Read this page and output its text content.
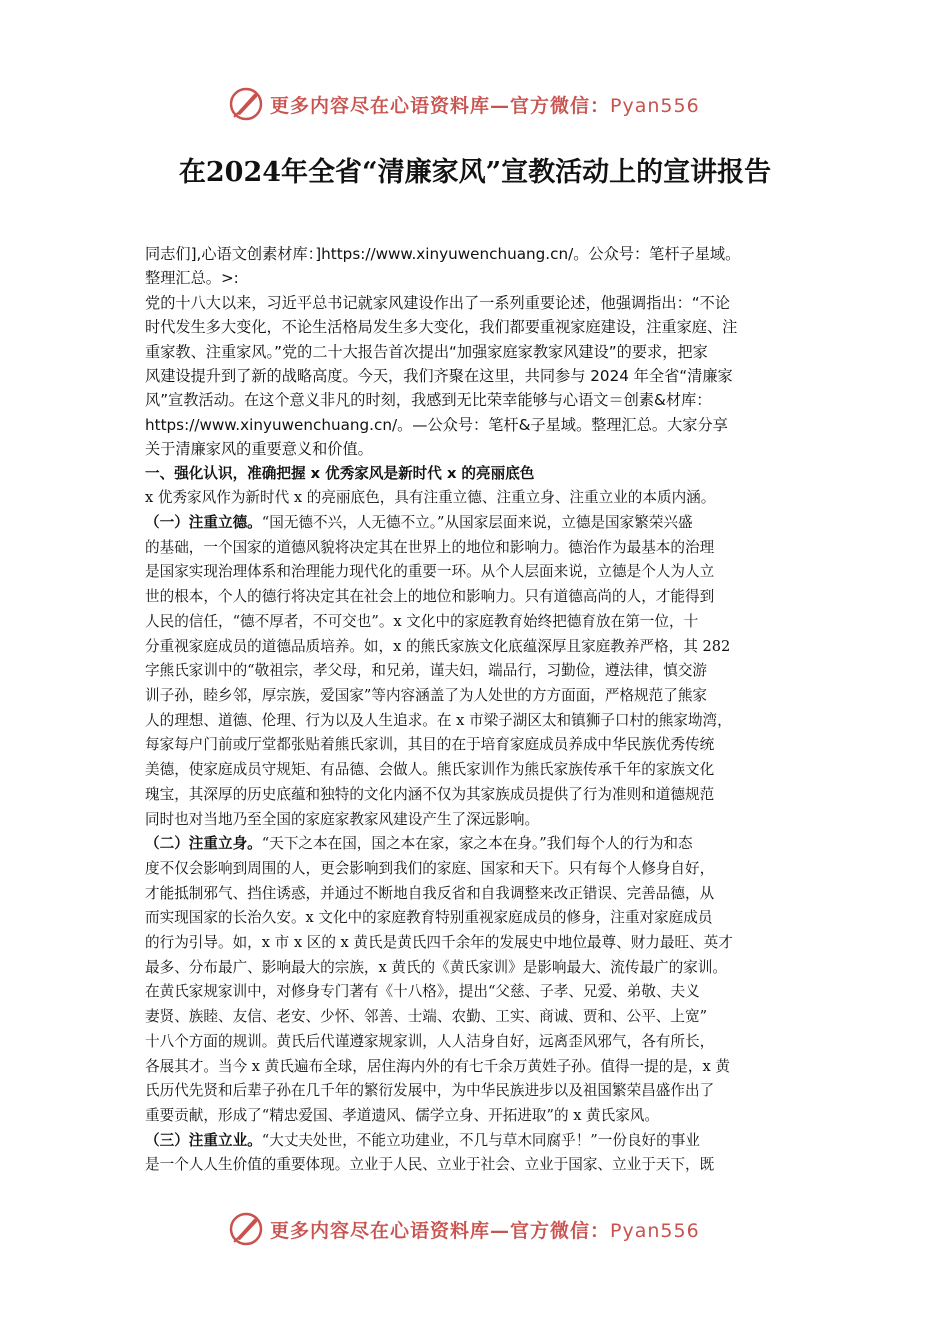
更多内容尽在心语资料库—官方微信：Pyan556
在2024年全省“清廉家风”宣教活动上的宣讲报告
同志们],心语文创素材库：]https://www.xinyuwenchuang.cn/。公众号：笔杆子星域。
整理汇总。>:
党的十八大以来，习近平总书记就家风建设作出了一系列重要论述，他强调指出：“不论
时代发生多大变化，不论生活格局发生多大变化，我们都要重视家庭建设，注重家庭、注
重家教、注重家风。”党的二十大报告首次提出“加强家庭家教家风建设”的要求，把家
风建设提升到了新的战略高度。今天，我们齐聚在这里，共同参与 2024 年全省“清廉家
风”宣教活动。在这个意义非凡的时刻，我感到无比荣幸能够与心语文＝创素&材库：
https://www.xinyuwenchuang.cn/。—公众号：笔杆&子星域。整理汇总。大家分享
关于清廉家风的重要意义和价值。
一、强化认识，准确把握 x 优秀家风是新时代 x 的亮丽底色
x 优秀家风作为新时代 x 的亮丽底色，具有注重立德、注重立身、注重立业的本质内涵。
（一）注重立德。“国无德不兴，人无德不立。”从国家层面来说，立德是国家繁荣兴盛
的基础，一个国家的道德风貌将决定其在世界上的地位和影响力。德治作为最基本的治理
是国家实现治理体系和治理能力现代化的重要一环。从个人层面来说，立德是个人为人立
世的根本，个人的德行将决定其在社会上的地位和影响力。只有道德高尚的人，才能得到
人民的信任，“德不厚者，不可交也”。x 文化中的家庭教育始终把德育放在第一位，十
分重视家庭成员的道德品质培养。如，x 的熊氏家族文化底蕴深厚且家庭教养严格，其 282
字熊氏家训中的“敬祖宗，孝父母，和兄弟，谨夫妇，端品行，习勤俭，遵法律，慎交游
训子孙，睦乡邻，厚宗族，爱国家”等内容涵盖了为人处世的方方面面，严格规范了熊家
人的理想、道德、伦理、行为以及人生追求。在 x 市梁子湖区太和镇狮子口村的熊家坳湾，
每家每户门前或厅堂都张贴着熊氏家训，其目的在于培育家庭成员养成中华民族优秀传统
美德，使家庭成员守规矩、有品德、会做人。熊氏家训作为熊氏家族传承千年的家族文化
瑰宝，其深厚的历史底蕴和独特的文化内涵不仅为其家族成员提供了行为准则和道德规范
同时也对当地乃至全国的家庭家教家风建设产生了深远影响。
（二）注重立身。“天下之本在国，国之本在家，家之本在身。”我们每个人的行为和态
度不仅会影响到周围的人，更会影响到我们的家庭、国家和天下。只有每个人修身自好，
才能抵制邪气、挡住诱惑，并通过不断地自我反省和自我调整来改正错误、完善品德，从
而实现国家的长治久安。x 文化中的家庭教育特别重视家庭成员的修身，注重对家庭成员
的行为引导。如，x 市 x 区的 x 黄氏是黄氏四千余年的发展史中地位最尊、财力最旺、英才
最多、分布最广、影响最大的宗族，x 黄氏的《黄氏家训》是影响最大、流传最广的家训。
在黄氏家规家训中，对修身专门著有《十八格》，提出“父慈、子孝、兄爱、弟敬、夫义
妻贤、族睦、友信、老安、少怀、邻善、士端、农勤、工实、商诚、贾和、公平、上宽”
十八个方面的规训。黄氏后代谨遵家规家训，人人洁身自好，远离歪风邪气，各有所长，
各展其才。当今 x 黄氏遍布全球，居住海内外的有七千余万黄姓子孙。值得一提的是，x 黄
氏历代先贤和后辈子孙在几千年的繁衍发展中，为中华民族进步以及祖国繁荣昌盛作出了
重要贡献，形成了“精忠爱国、孝道遗风、儒学立身、开拓进取”的 x 黄氏家风。
（三）注重立业。“大丈夫处世，不能立功建业，不几与草木同腐乎！”一份良好的事业
是一个人人生价值的重要体现。立业于人民、立业于社会、立业于国家、立业于天下，既
更多内容尽在心语资料库—官方微信：Pyan556
